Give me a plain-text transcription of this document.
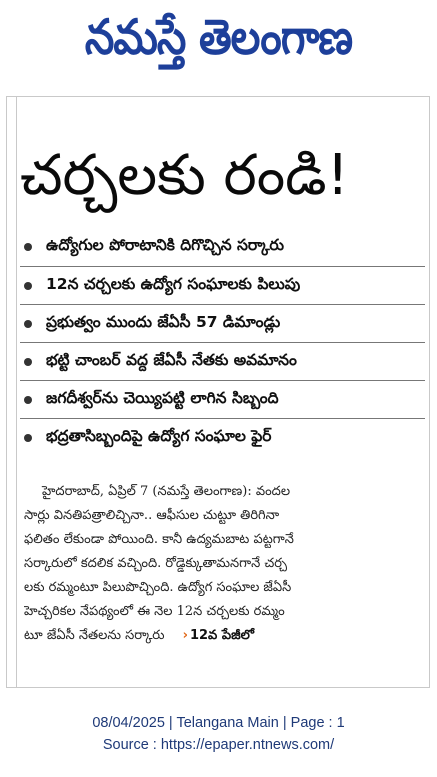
నమస్తే తెలంగాణ
చర్చలకు రండి!
ఉద్యోగుల పోరాటానికి దిగొచ్చిన సర్కారు
12న చర్చలకు ఉద్యోగ సంఘాలకు పిలుపు
ప్రభుత్వం ముందు జేఏసీ 57 డిమాండ్లు
భట్టి చాంబర్ వద్ద జేఏసీ నేతకు అవమానం
జగదీశ్వర్‌ను చెయ్యిపట్టి లాగిన సిబ్బంది
భద్రతాసిబ్బందిపై ఉద్యోగ సంఘాల ఫైర్
హైదరాబాద్, ఏప్రిల్ 7 (నమస్తే తెలంగాణ): వందల
సార్లు వినతిపత్రాలిచ్చినా.. ఆఫీసుల చుట్టూ తిరిగినా
ఫలితం లేకుండా పోయింది. కానీ ఉద్యమబాట పట్టగానే
సర్కారులో కదలిక వచ్చింది. రోడ్డెక్కుతామనగానే చర్చ
లకు రమ్మంటూ పిలుపొచ్చింది. ఉద్యోగ సంఘాల జేఏసీ
హెచ్చరికల నేపథ్యంలో ఈ నెల 12న చర్చలకు రమ్మం
టూ జేఏసీ నేతలను సర్కారు › 12వ పేజీలో
08/04/2025 | Telangana Main | Page : 1
Source : https://epaper.ntnews.com/
